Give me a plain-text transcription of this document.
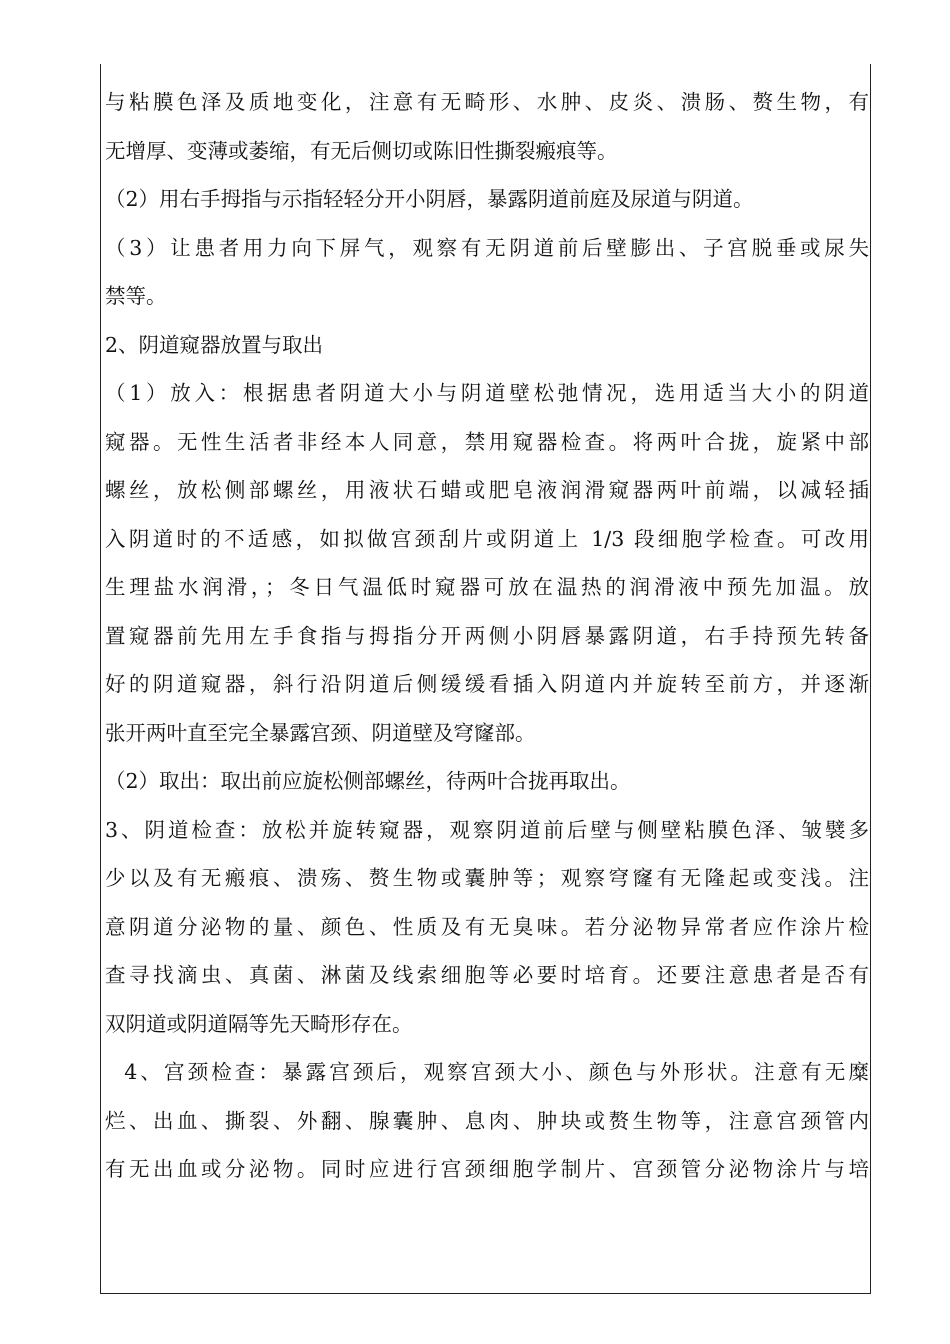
与粘膜色泽及质地变化，注意有无畸形、水肿、皮炎、溃肠、赘生物，有
无增厚、变薄或萎缩，有无后侧切或陈旧性撕裂瘢痕等。
（2）用右手拇指与示指轻轻分开小阴唇，暴露阴道前庭及尿道与阴道。
（3）让患者用力向下屏气，观察有无阴道前后壁膨出、子宫脱垂或尿失
禁等。
2、阴道窥器放置与取出
（1）放入：根据患者阴道大小与阴道壁松弛情况，选用适当大小的阴道
窥器。无性生活者非经本人同意，禁用窥器检查。将两叶合拢，旋紧中部
螺丝，放松侧部螺丝，用液状石蜡或肥皂液润滑窥器两叶前端，以减轻插
入阴道时的不适感，如拟做宫颈刮片或阴道上 1/3 段细胞学检查。可改用
生理盐水润滑，；冬日气温低时窥器可放在温热的润滑液中预先加温。放
置窥器前先用左手食指与拇指分开两侧小阴唇暴露阴道，右手持预先转备
好的阴道窥器，斜行沿阴道后侧缓缓看插入阴道内并旋转至前方，并逐渐
张开两叶直至完全暴露宫颈、阴道壁及穹窿部。
（2）取出：取出前应旋松侧部螺丝，待两叶合拢再取出。
3、阴道检查：放松并旋转窥器，观察阴道前后壁与侧壁粘膜色泽、皱襞多
少以及有无瘢痕、溃殇、赘生物或囊肿等；观察穹窿有无隆起或变浅。注
意阴道分泌物的量、颜色、性质及有无臭味。若分泌物异常者应作涂片检
查寻找滴虫、真菌、淋菌及线索细胞等必要时培育。还要注意患者是否有
双阴道或阴道隔等先天畸形存在。
4、宫颈检查：暴露宫颈后，观察宫颈大小、颜色与外形状。注意有无糜
烂、出血、撕裂、外翻、腺囊肿、息肉、肿块或赘生物等，注意宫颈管内
有无出血或分泌物。同时应进行宫颈细胞学制片、宫颈管分泌物涂片与培
